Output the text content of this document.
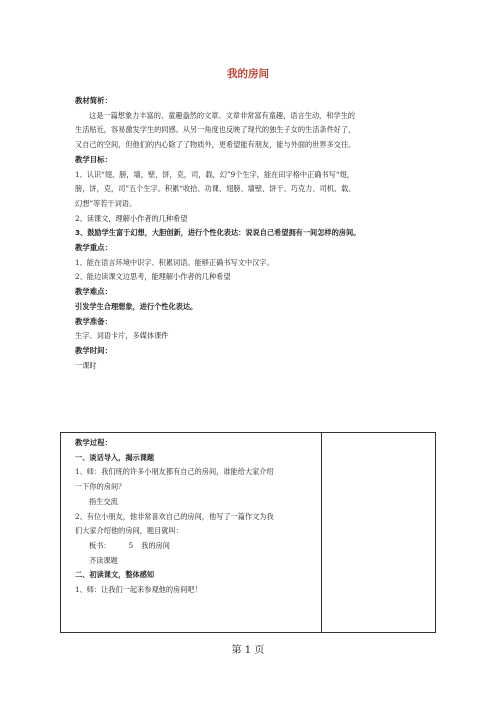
我的房间
教材简析：
这是一篇想象力丰富的、童趣盎然的文章。文章非常富有童趣，语言生动，和学生的
生活贴近，容易激发学生的同感。从另一角度也反映了现代的独生子女的生活条件好了，
又自己的空间，但他们的内心除了了物质外，更希望能有朋友，能与外面的世界多交往。
教学目标：
1、认识“翅，膀，墙，壁，饼，克，司，载，幻”9个生字，能在田字格中正确书写“翅，
膀，饼，克，司”五个生字。积累“收拾、功课、翅膀、墙壁、饼干、巧克力、司机、载、
幻想”等若干词语。
2、读课文，理解小作者的几种希望
3、鼓励学生富于幻想，大胆创新，进行个性化表达：说说自己希望拥有一间怎样的房间。
教学重点：
1、能在语言环境中识字、积累词语。能够正确书写文中汉字。
2、能边读课文边思考，能理解小作者的几种希望
教学难点：
引发学生合理想象，进行个性化表达。
教学准备：
生字、词语卡片，多媒体课件
教学时间：
一课时
教学过程：
一、谈话导入，揭示课题
1、师：我们班的许多小朋友都有自己的房间，谁能给大家介绍
一下你的房间？
指生交流
2、有位小朋友，他非常喜欢自己的房间，他写了一篇作文为我
们大家介绍他的房间，题目就叫：
板书：	5 我的房间
齐读课题
二、初读课文，整体感知
1、师：让我们一起来参观他的房间吧！
第 1 页
